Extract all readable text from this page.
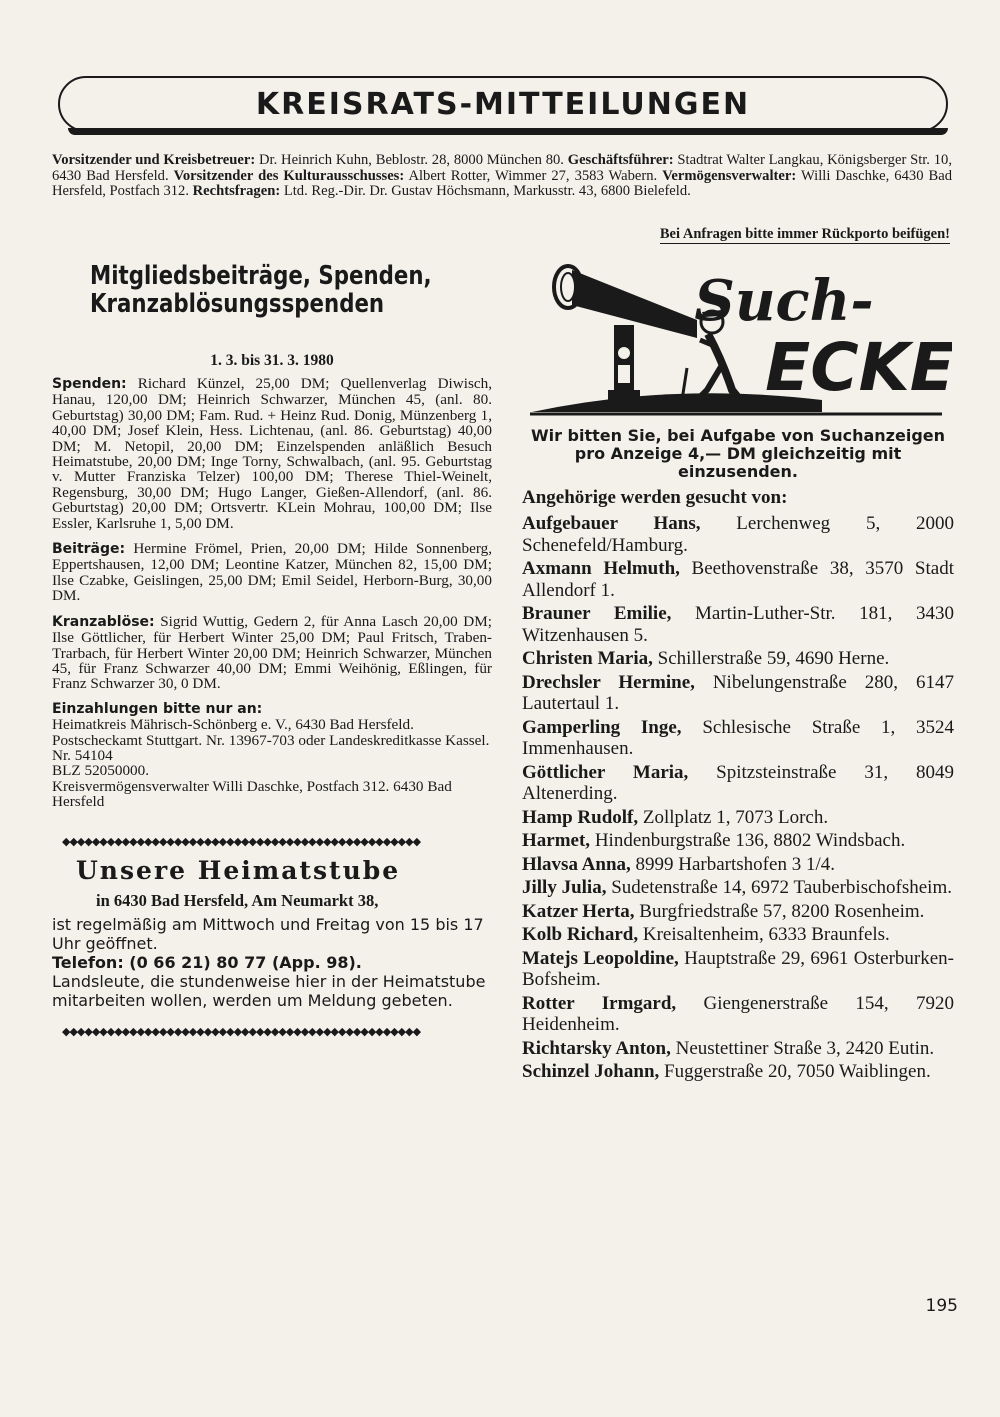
KREISRATS-MITTEILUNGEN
Vorsitzender und Kreisbetreuer: Dr. Heinrich Kuhn, Beblostr. 28, 8000 München 80. Geschäftsführer: Stadtrat Walter Langkau, Königsberger Str. 10, 6430 Bad Hersfeld. Vorsitzender des Kulturausschusses: Albert Rotter, Wimmer 27, 3583 Wabern. Vermögensverwalter: Willi Daschke, 6430 Bad Hersfeld, Postfach 312. Rechtsfragen: Ltd. Reg.-Dir. Dr. Gustav Höchsmann, Markusstr. 43, 6800 Bielefeld.
Bei Anfragen bitte immer Rückporto beifügen!
Mitgliedsbeiträge, Spenden,
Kranzablösungsspenden
1. 3. bis 31. 3. 1980

Spenden: Richard Künzel, 25,00 DM; Quellenverlag Diwisch, Hanau, 120,00 DM; Heinrich Schwarzer, München 45, (anl. 80. Geburtstag) 30,00 DM; Fam. Rud. + Heinz Rud. Donig, Münzenberg 1, 40,00 DM; Josef Klein, Hess. Lichtenau, (anl. 86. Geburtstag) 40,00 DM; M. Netopil, 20,00 DM; Einzelspenden anläßlich Besuch Heimatstube, 20,00 DM; Inge Torny, Schwalbach, (anl. 95. Geburtstag v. Mutter Franziska Telzer) 100,00 DM; Therese Thiel-Weinelt, Regensburg, 30,00 DM; Hugo Langer, Gießen-Allendorf, (anl. 86. Geburtstag) 20,00 DM; Ortsvertr. KLein Mohrau, 100,00 DM; Ilse Essler, Karlsruhe 1, 5,00 DM.

Beiträge: Hermine Frömel, Prien, 20,00 DM; Hilde Sonnenberg, Eppertshausen, 12,00 DM; Leontine Katzer, München 82, 15,00 DM; Ilse Czabke, Geislingen, 25,00 DM; Emil Seidel, Herborn-Burg, 30,00 DM.

Kranzablöse: Sigrid Wuttig, Gedern 2, für Anna Lasch 20,00 DM; Ilse Göttlicher, für Herbert Winter 25,00 DM; Paul Fritsch, Traben-Trarbach, für Herbert Winter 20,00 DM; Heinrich Schwarzer, München 45, für Franz Schwarzer 40,00 DM; Emmi Weihönig, Eßlingen, für Franz Schwarzer 30, 0 DM.

Einzahlungen bitte nur an:
Heimatkreis Mährisch-Schönberg e. V., 6430 Bad Hersfeld.
Postscheckamt Stuttgart. Nr. 13967-703 oder Landeskreditkasse Kassel. Nr. 54104
BLZ 52050000.
Kreisvermögensverwalter Willi Daschke, Postfach 312. 6430 Bad Hersfeld
◆◆◆◆◆◆◆◆◆◆◆◆◆◆◆◆◆◆◆◆◆◆◆◆◆◆◆◆◆◆◆◆◆◆◆◆◆◆◆◆◆◆◆◆◆◆◆◆
Unsere Heimatstube
in 6430 Bad Hersfeld, Am Neumarkt 38,
ist regelmäßig am Mittwoch und Freitag von 15 bis 17 Uhr geöffnet.
Telefon: (0 66 21) 80 77 (App. 98).
Landsleute, die stundenweise hier in der Heimatstube mitarbeiten wollen, werden um Meldung gebeten.
◆◆◆◆◆◆◆◆◆◆◆◆◆◆◆◆◆◆◆◆◆◆◆◆◆◆◆◆◆◆◆◆◆◆◆◆◆◆◆◆◆◆◆◆◆◆◆◆
Such-
ECKE
Wir bitten Sie, bei Aufgabe von Suchanzeigen pro Anzeige 4,— DM gleichzeitig mit einzusenden.
Angehörige werden gesucht von:
Aufgebauer Hans, Lerchenweg 5, 2000 Schenefeld/Hamburg.
Axmann Helmuth, Beethovenstraße 38, 3570 Stadt Allendorf 1.
Brauner Emilie, Martin-Luther-Str. 181, 3430 Witzenhausen 5.
Christen Maria, Schillerstraße 59, 4690 Herne.
Drechsler Hermine, Nibelungenstraße 280, 6147 Lautertaul 1.
Gamperling Inge, Schlesische Straße 1, 3524 Immenhausen.
Göttlicher Maria, Spitzsteinstraße 31, 8049 Altenerding.
Hamp Rudolf, Zollplatz 1, 7073 Lorch.
Harmet, Hindenburgstraße 136, 8802 Windsbach.
Hlavsa Anna, 8999 Harbartshofen 3 1/4.
Jilly Julia, Sudetenstraße 14, 6972 Tauberbischofsheim.
Katzer Herta, Burgfriedstraße 57, 8200 Rosenheim.
Kolb Richard, Kreisaltenheim, 6333 Braunfels.
Matejs Leopoldine, Hauptstraße 29, 6961 Osterburken-Bofsheim.
Rotter Irmgard, Giengenerstraße 154, 7920 Heidenheim.
Richtarsky Anton, Neustettiner Straße 3, 2420 Eutin.
Schinzel Johann, Fuggerstraße 20, 7050 Waiblingen.
195
